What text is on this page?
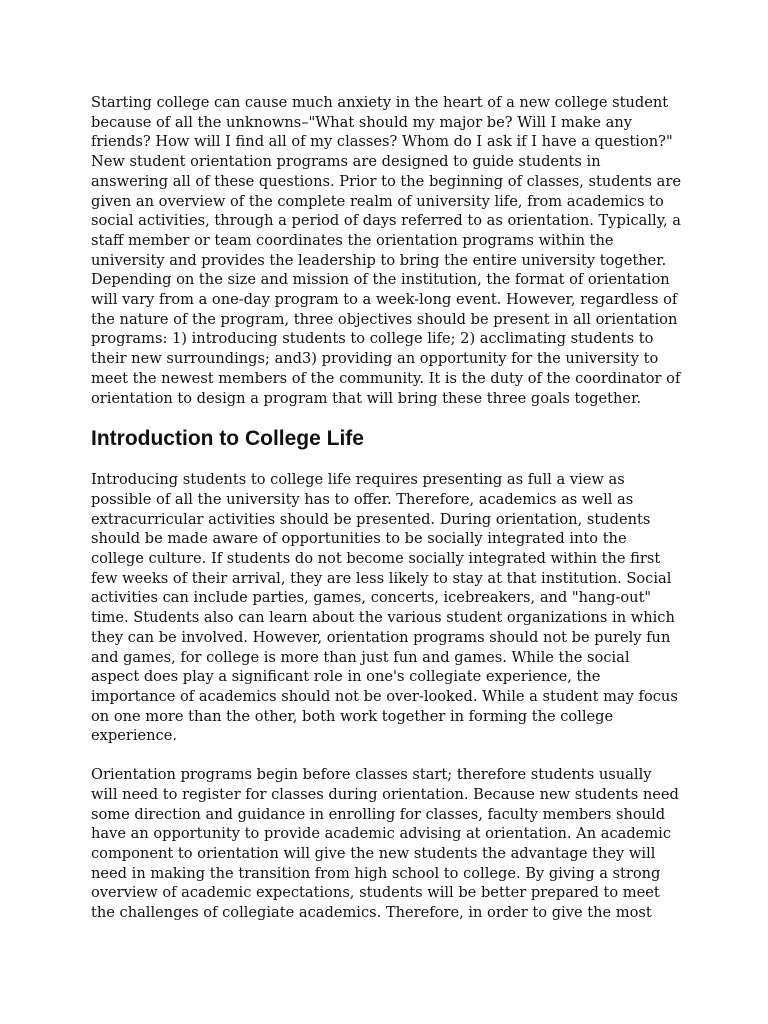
Starting college can cause much anxiety in the heart of a new college student because of all the unknowns–"What should my major be? Will I make any friends? How will I find all of my classes? Whom do I ask if I have a question?" New student orientation programs are designed to guide students in answering all of these questions. Prior to the beginning of classes, students are given an overview of the complete realm of university life, from academics to social activities, through a period of days referred to as orientation. Typically, a staff member or team coordinates the orientation programs within the university and provides the leadership to bring the entire university together. Depending on the size and mission of the institution, the format of orientation will vary from a one-day program to a week-long event. However, regardless of the nature of the program, three objectives should be present in all orientation programs: 1) introducing students to college life; 2) acclimating students to their new surroundings; and3) providing an opportunity for the university to meet the newest members of the community. It is the duty of the coordinator of orientation to design a program that will bring these three goals together.

Introduction to College Life

Introducing students to college life requires presenting as full a view as possible of all the university has to offer. Therefore, academics as well as extracurricular activities should be presented. During orientation, students should be made aware of opportunities to be socially integrated into the college culture. If students do not become socially integrated within the first few weeks of their arrival, they are less likely to stay at that institution. Social activities can include parties, games, concerts, icebreakers, and "hang-out" time. Students also can learn about the various student organizations in which they can be involved. However, orientation programs should not be purely fun and games, for college is more than just fun and games. While the social aspect does play a significant role in one's collegiate experience, the importance of academics should not be over-looked. While a student may focus on one more than the other, both work together in forming the college experience.

Orientation programs begin before classes start; therefore students usually will need to register for classes during orientation. Because new students need some direction and guidance in enrolling for classes, faculty members should have an opportunity to provide academic advising at orientation. An academic component to orientation will give the new students the advantage they will need in making the transition from high school to college. By giving a strong overview of academic expectations, students will be better prepared to meet the challenges of collegiate academics. Therefore, in order to give the most
